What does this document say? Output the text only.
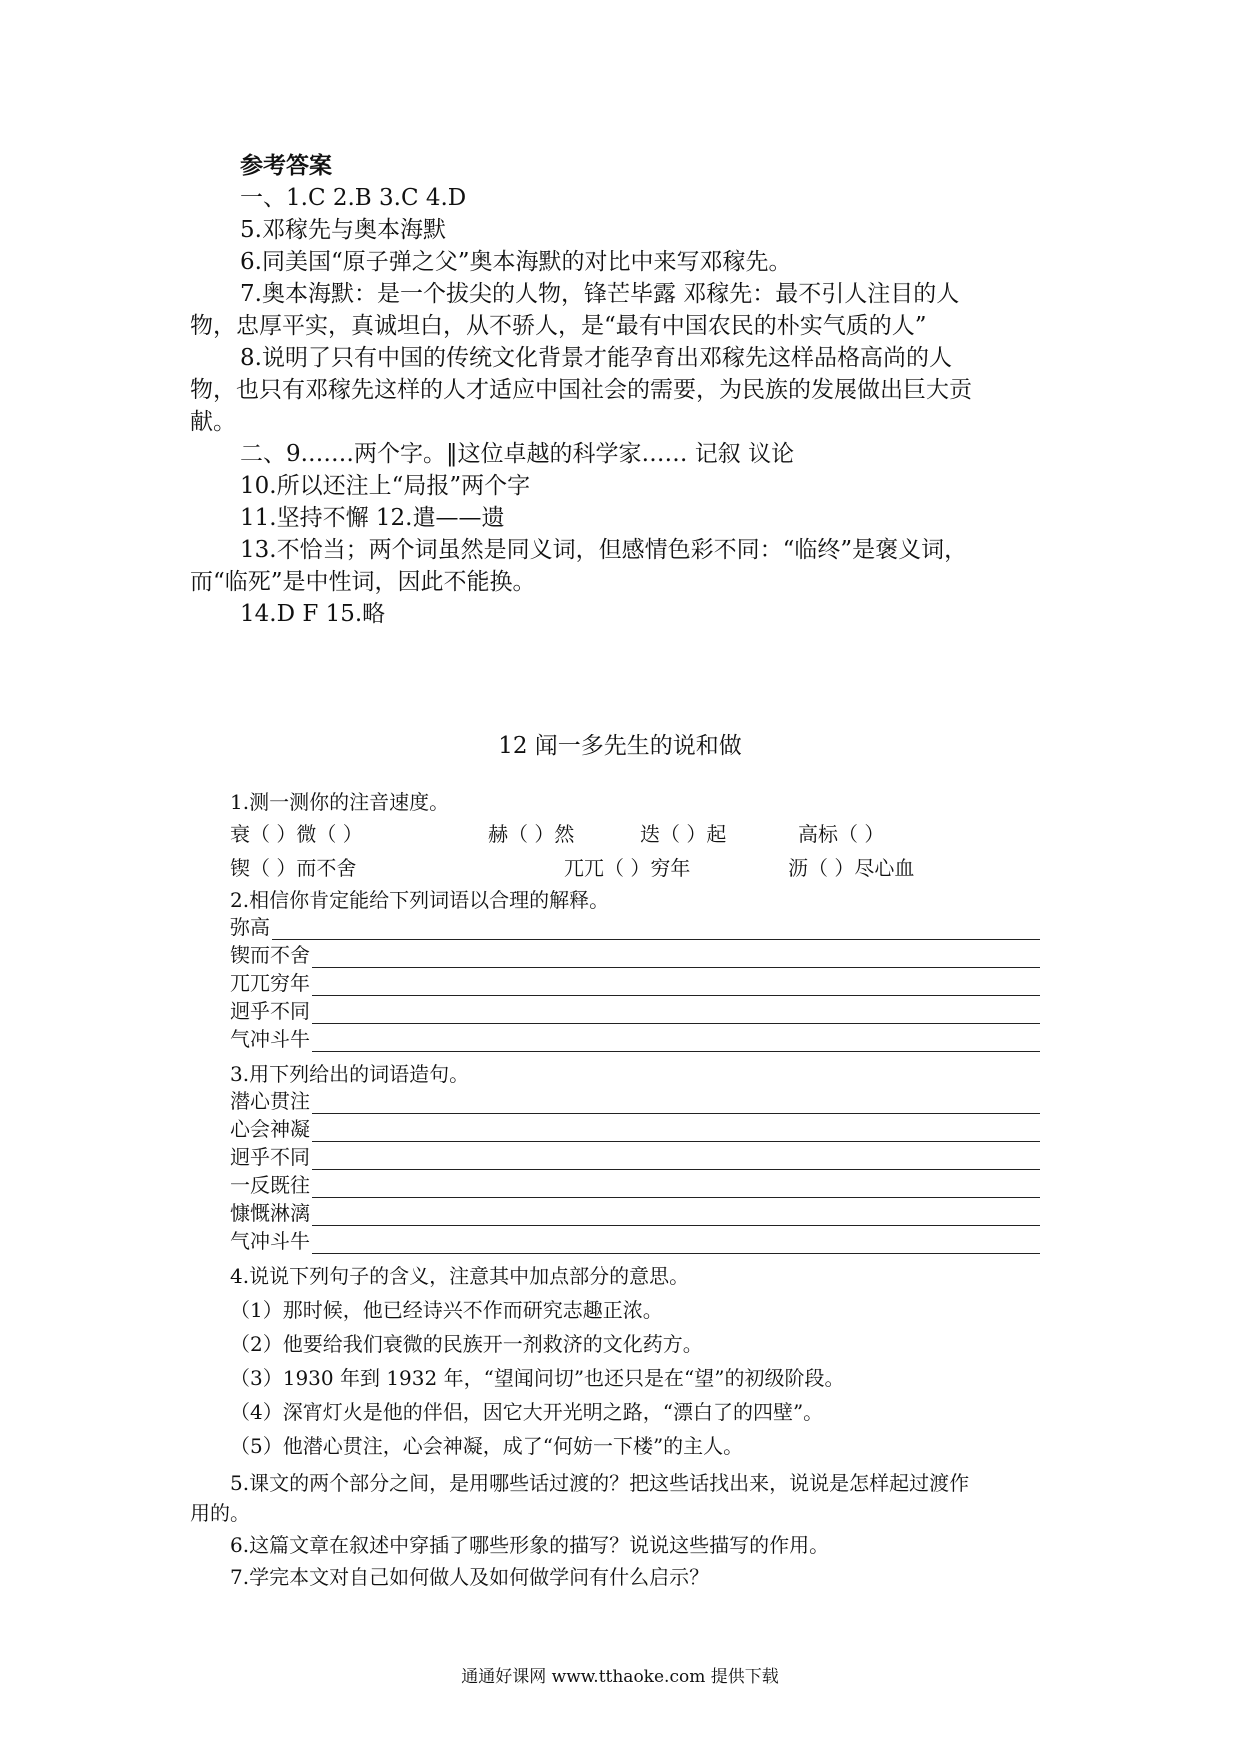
参考答案
一、1.C 2.B 3.C 4.D
5.邓稼先与奥本海默
6.同美国“原子弹之父”奥本海默的对比中来写邓稼先。
7.奥本海默：是一个拔尖的人物，锋芒毕露 邓稼先：最不引人注目的人
物，忠厚平实，真诚坦白，从不骄人，是“最有中国农民的朴实气质的人”
8.说明了只有中国的传统文化背景才能孕育出邓稼先这样品格高尚的人
物，也只有邓稼先这样的人才适应中国社会的需要，为民族的发展做出巨大贡
献。
二、9.……两个字。‖这位卓越的科学家…… 记叙 议论
10.所以还注上“局报”两个字
11.坚持不懈 12.遣——遗
13.不恰当；两个词虽然是同义词，但感情色彩不同：“临终”是褒义词，
而“临死”是中性词，因此不能换。
14.D F 15.略
12 闻一多先生的说和做
1.测一测你的注音速度。
衰（ ）微（ ）	赫（ ）然	迭（ ）起	高标（ ）
锲（ ）而不舍	兀兀（ ）穷年	沥（ ）尽心血
2.相信你肯定能给下列词语以合理的解释。
弥高
锲而不舍
兀兀穷年
迥乎不同
气冲斗牛
3.用下列给出的词语造句。
潜心贯注
心会神凝
迥乎不同
一反既往
慷慨淋漓
气冲斗牛
4.说说下列句子的含义，注意其中加点部分的意思。
（1）那时候，他已经诗兴不作而研究志趣正浓。
（2）他要给我们衰微的民族开一剂救济的文化药方。
（3）1930 年到 1932 年，“望闻问切”也还只是在“望”的初级阶段。
（4）深宵灯火是他的伴侣，因它大开光明之路，“漂白了的四壁”。
（5）他潜心贯注，心会神凝，成了“何妨一下楼”的主人。
5.课文的两个部分之间，是用哪些话过渡的？把这些话找出来，说说是怎样起过渡作
用的。
6.这篇文章在叙述中穿插了哪些形象的描写？说说这些描写的作用。
7.学完本文对自己如何做人及如何做学问有什么启示？
通通好课网 www.tthaoke.com 提供下载
